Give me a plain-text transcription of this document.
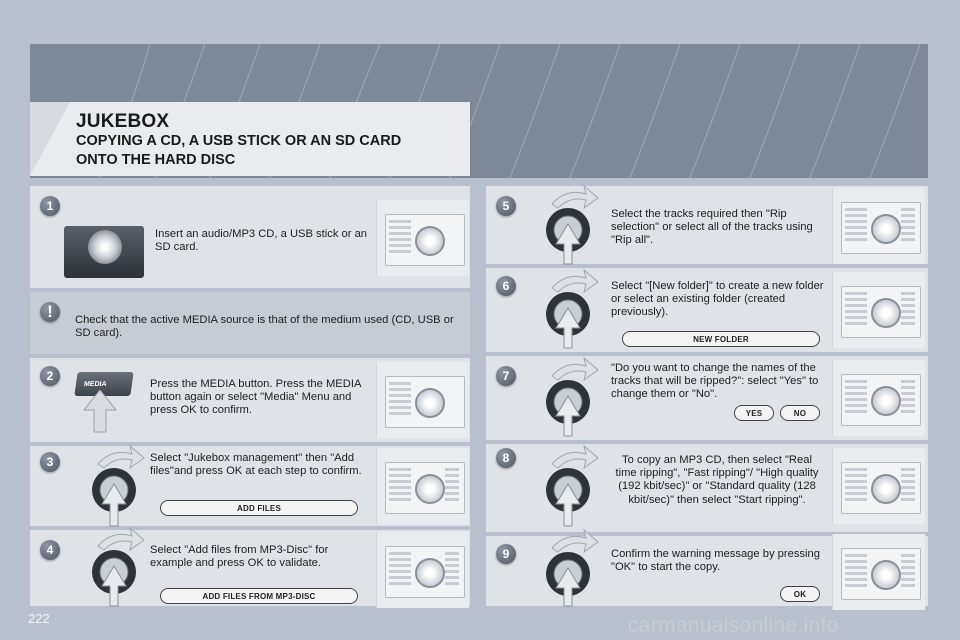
JUKEBOX
COPYING A CD, A USB STICK OR AN SD CARD
ONTO THE HARD DISC
1
Insert an audio/MP3 CD, a USB stick or an SD card.
!	Check that the active MEDIA source is that of the medium used (CD, USB or SD card).
2
MEDIA	Press the MEDIA button. Press the MEDIA button again or select "Media" Menu and press OK to confirm.
3	Select "Jukebox management" then "Add files"and press OK at each step to confirm.
ADD FILES
4	Select "Add files from MP3-Disc" for example and press OK to validate.
ADD FILES FROM MP3-DISC
5
Select the tracks required then "Rip selection" or select all of the tracks using "Rip all".
6	Select "[New folder]" to create a new folder or select an existing folder (created previously).
NEW FOLDER
7
"Do you want to change the names of the tracks that will be ripped?": select "Yes" to change them or "No".
YES	NO
8	To copy an MP3 CD, then select "Real time ripping", "Fast ripping"/ "High quality (192 kbit/sec)" or "Standard quality (128 kbit/sec)" then select "Start ripping".
9	Confirm the warning message by pressing "OK" to start the copy.
OK
222	carmanualsonline.info
